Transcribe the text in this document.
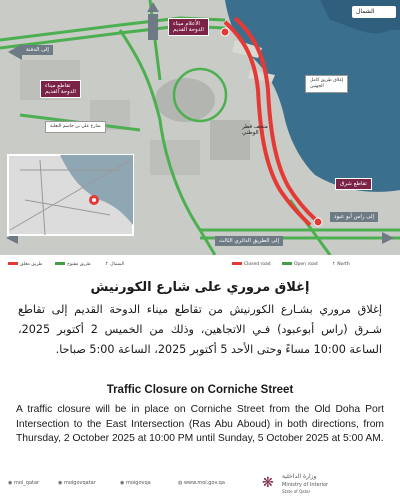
الشمال
إلى الدفنة
الأعلام ميناء
الدوحة القديم
تقاطع ميناء
الدوحة القديم
شارع علي بن جاسم التعلبة
إغلاق طريق كامل
الجهتين
متحف قطر
الوطني
تقاطع شرق
إلى راس أبو عبود
إلى الطريق الدائري الثالث
طريق مغلق	طريق مفتوح	↑ الشمال	Closed road	Open road	↑ North
إغلاق مروري على شارع الكورنيش
إغلاق مروري بشـارع الكورنيش من تقاطع ميناء الدوحة القديم إلى تقاطع شـرق (راس أبوعبود) فـي الاتجاهين، وذلك من الخميس 2 أكتوبر 2025، الساعة 10:00 مساءً وحتى الأحد 5 أكتوبر 2025، الساعة 5:00 صباحا.
Traffic Closure on Corniche Street
A traffic closure will be in place on Corniche Street from the Old Doha Port Intersection to the East Intersection (Ras Abu Aboud) in both directions, from Thursday, 2 October 2025 at 10:00 PM until Sunday, 5 October 2025 at 5:00 AM.
◉ moi_qatar	◉ moigovqatar	◉ moigovqa	◍ www.moi.gov.qa	❋ وزارة الداخلية
Ministry of Interior
State of Qatar
